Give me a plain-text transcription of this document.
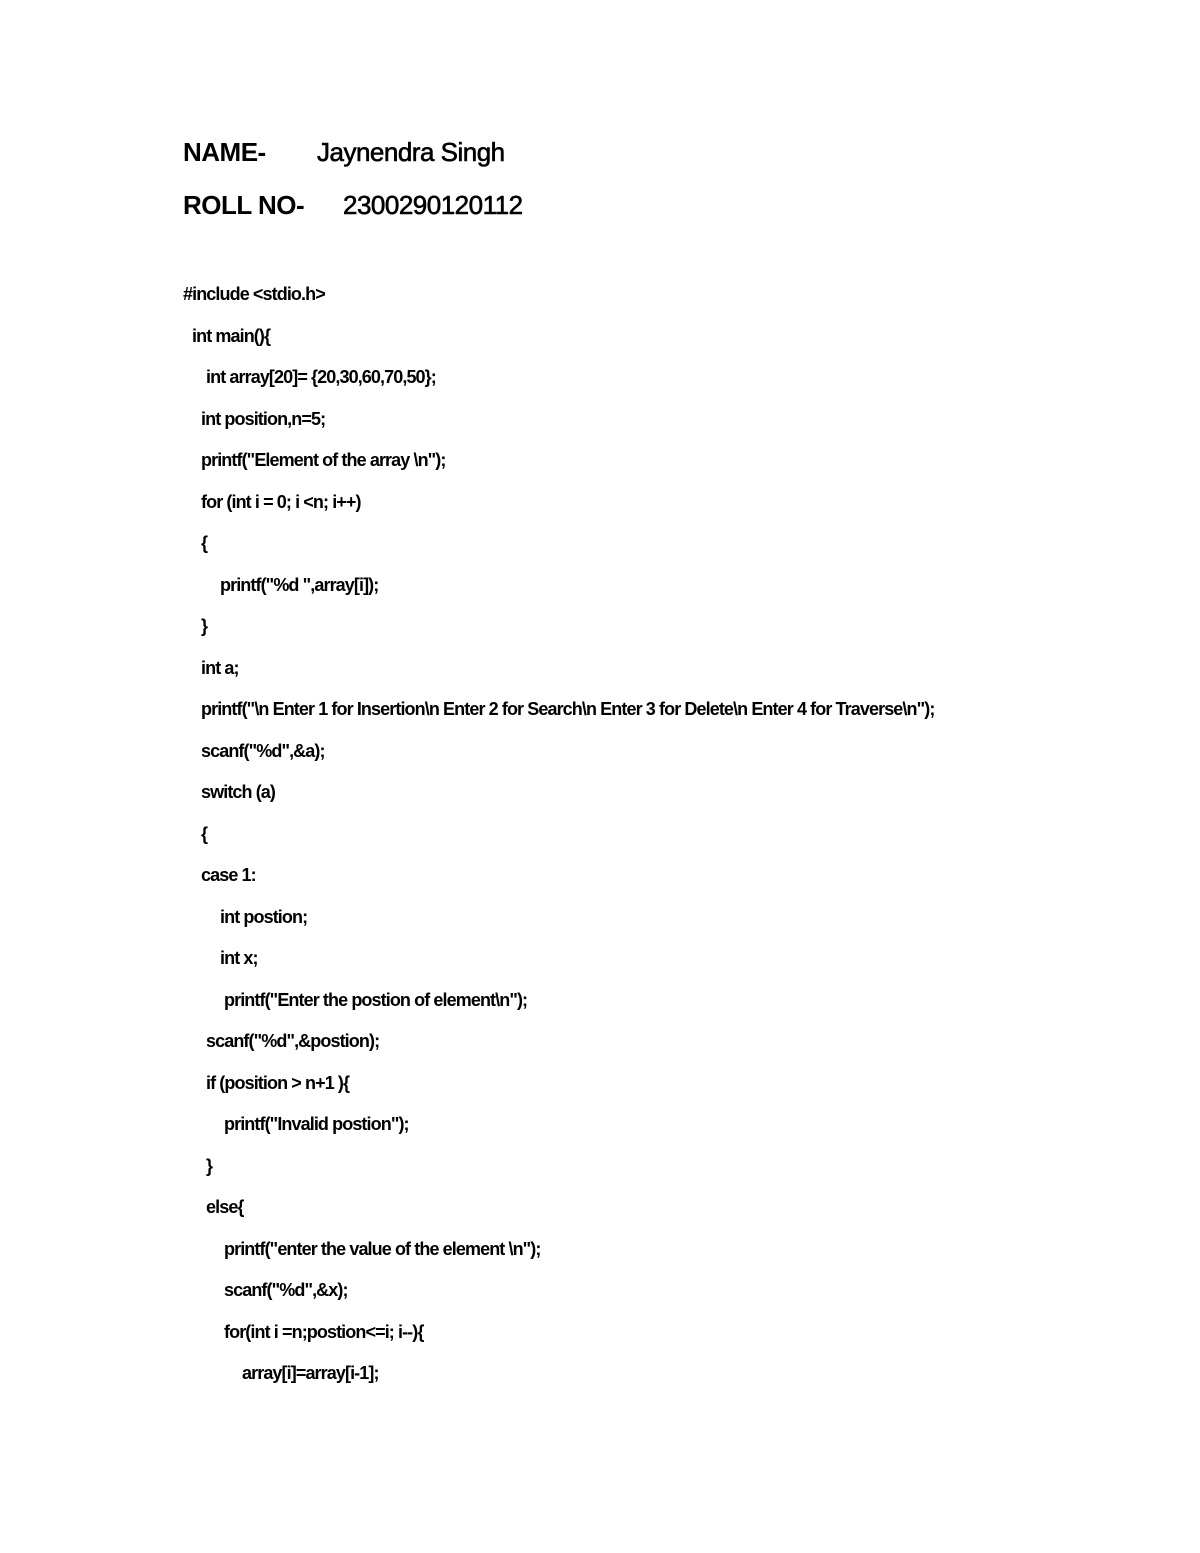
NAME- Jaynendra Singh
ROLL NO- 2300290120112
#include <stdio.h>
int main(){
int array[20]= {20,30,60,70,50};
int position,n=5;
printf("Element of the array \n");
for (int i = 0; i <n; i++)
{
printf("%d ",array[i]);
}
int a;
printf("\n Enter 1 for Insertion\n Enter 2 for Search\n Enter 3 for Delete\n Enter 4 for Traverse\n");
scanf("%d",&a);
switch (a)
{
case 1:
int postion;
int x;
printf("Enter the postion of element\n");
scanf("%d",&postion);
if (position > n+1 ){
printf("Invalid postion");
}
else{
printf("enter the value of the element \n");
scanf("%d",&x);
for(int i =n;postion<=i; i--){
array[i]=array[i-1];
